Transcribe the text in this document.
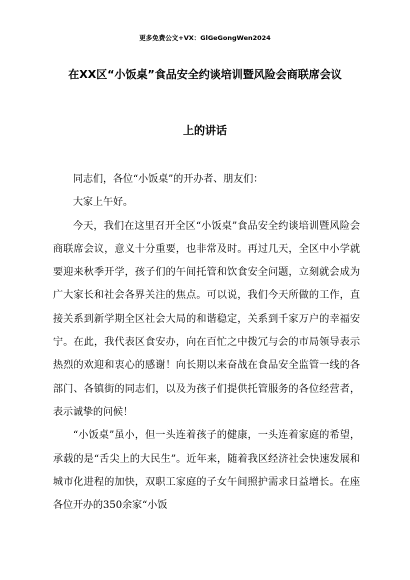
更多免费公文+VX：GlGeGongWen2024
在XX区“小饭桌”食品安全约谈培训暨风险会商联席会议
上的讲话

同志们，各位“小饭桌”的开办者、朋友们：

大家上午好。

今天，我们在这里召开全区“小饭桌”食品安全约谈培训暨风险会商联席会议，意义十分重要，也非常及时。再过几天，全区中小学就要迎来秋季开学，孩子们的午间托管和饮食安全问题，立刻就会成为广大家长和社会各界关注的焦点。可以说，我们今天所做的工作，直接关系到新学期全区社会大局的和谐稳定，关系到千家万户的幸福安宁。在此，我代表区食安办，向在百忙之中拨冗与会的市局领导表示热烈的欢迎和衷心的感谢！向长期以来奋战在食品安全监管一线的各部门、各镇街的同志们，以及为孩子们提供托管服务的各位经营者，表示诚挚的问候！

“小饭桌”虽小，但一头连着孩子的健康，一头连着家庭的希望，承载的是“舌尖上的大民生”。近年来，随着我区经济社会快速发展和城市化进程的加快，双职工家庭的子女午间照护需求日益增长。在座各位开办的350余家“小饭
